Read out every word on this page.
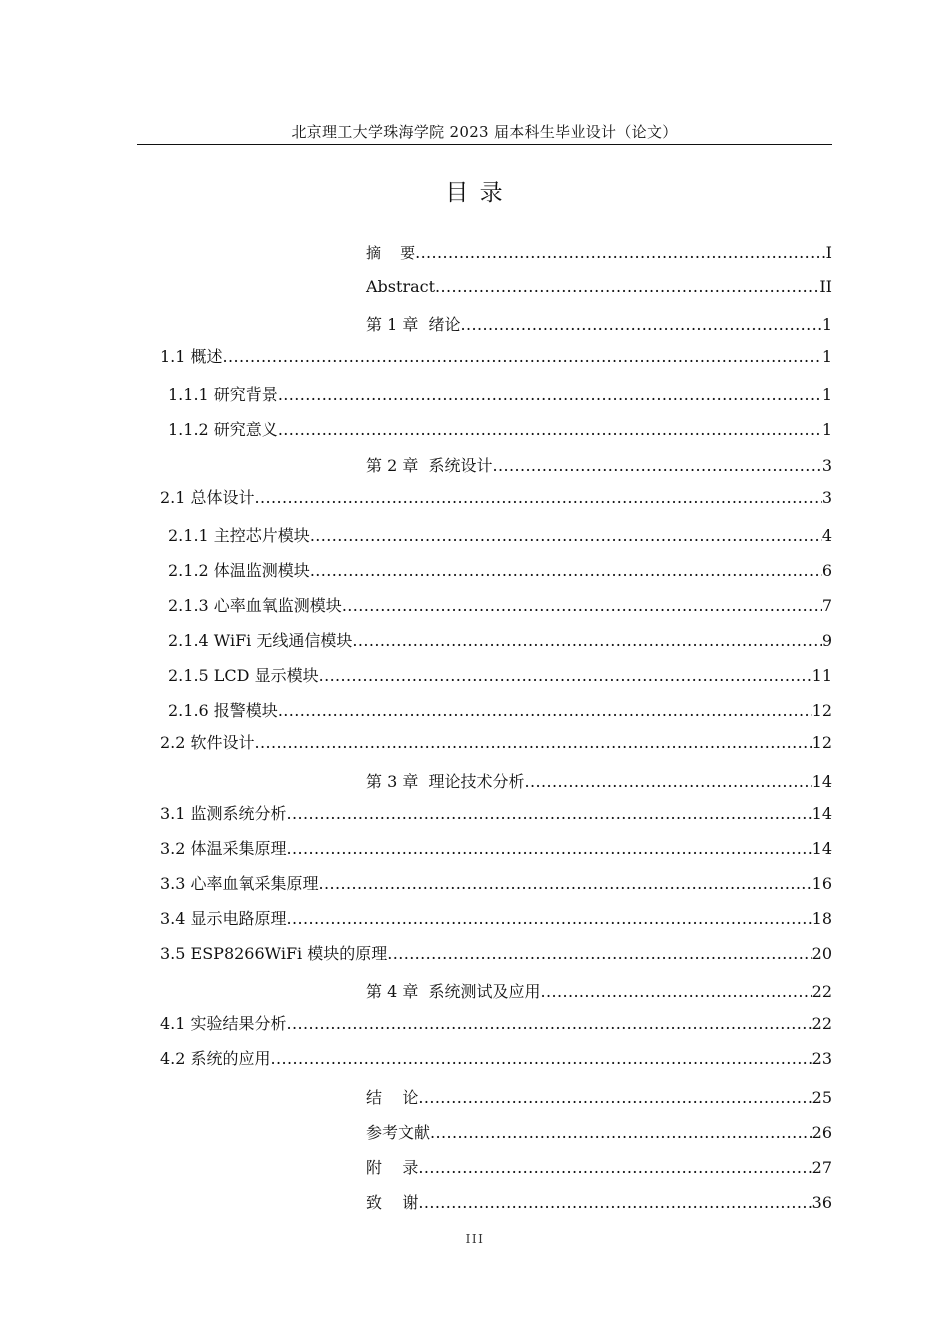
北京理工大学珠海学院 2023 届本科生毕业设计（论文）
目 录
摘    要 .....	I
Abstract .....	II
第 1 章  绪论 .....	1
1.1 概述 .....	1
1.1.1 研究背景 .....	1
1.1.2 研究意义 .....	1
第 2 章  系统设计 .....	3
2.1 总体设计 .....	3
2.1.1 主控芯片模块 .....	4
2.1.2 体温监测模块 .....	6
2.1.3 心率血氧监测模块 .....	7
2.1.4 WiFi 无线通信模块 .....	9
2.1.5 LCD 显示模块 .....	11
2.1.6 报警模块 .....	12
2.2 软件设计 .....	12
第 3 章  理论技术分析 .....	14
3.1 监测系统分析 .....	14
3.2 体温采集原理 .....	14
3.3 心率血氧采集原理 .....	16
3.4 显示电路原理 .....	18
3.5 ESP8266WiFi 模块的原理 .....	20
第 4 章  系统测试及应用 .....	22
4.1 实验结果分析 .....	22
4.2 系统的应用 .....	23
结    论 .....	25
参考文献 .....	26
附    录 .....	27
致    谢 .....	36
III
